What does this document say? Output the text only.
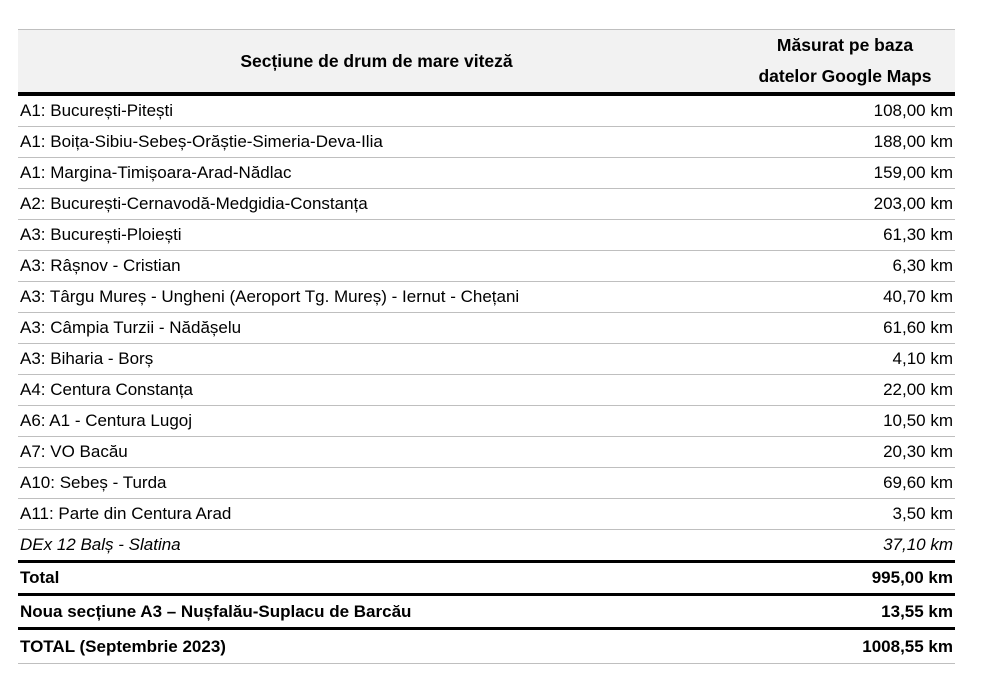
Secțiune de drum de mare viteză	Măsurat pe baza
datelor Google Maps

A1: București-Pitești	108,00 km
A1: Boița-Sibiu-Sebeș-Orăștie-Simeria-Deva-Ilia	188,00 km
A1: Margina-Timișoara-Arad-Nădlac	159,00 km
A2: București-Cernavodă-Medgidia-Constanța	203,00 km
A3: București-Ploiești	61,30 km
A3: Râșnov - Cristian	6,30 km
A3: Târgu Mureș - Ungheni (Aeroport Tg. Mureș) - Iernut - Chețani	40,70 km
A3: Câmpia Turzii - Nădășelu	61,60 km
A3: Biharia - Borș	4,10 km
A4: Centura Constanța	22,00 km
A6: A1 - Centura Lugoj	10,50 km
A7: VO Bacău	20,30 km
A10: Sebeș - Turda	69,60 km
A11: Parte din Centura Arad	3,50 km
DEx 12 Balș - Slatina	37,10 km
Total	995,00 km
Noua secțiune A3 – Nușfalău-Suplacu de Barcău	13,55 km
TOTAL (Septembrie 2023)	1008,55 km
